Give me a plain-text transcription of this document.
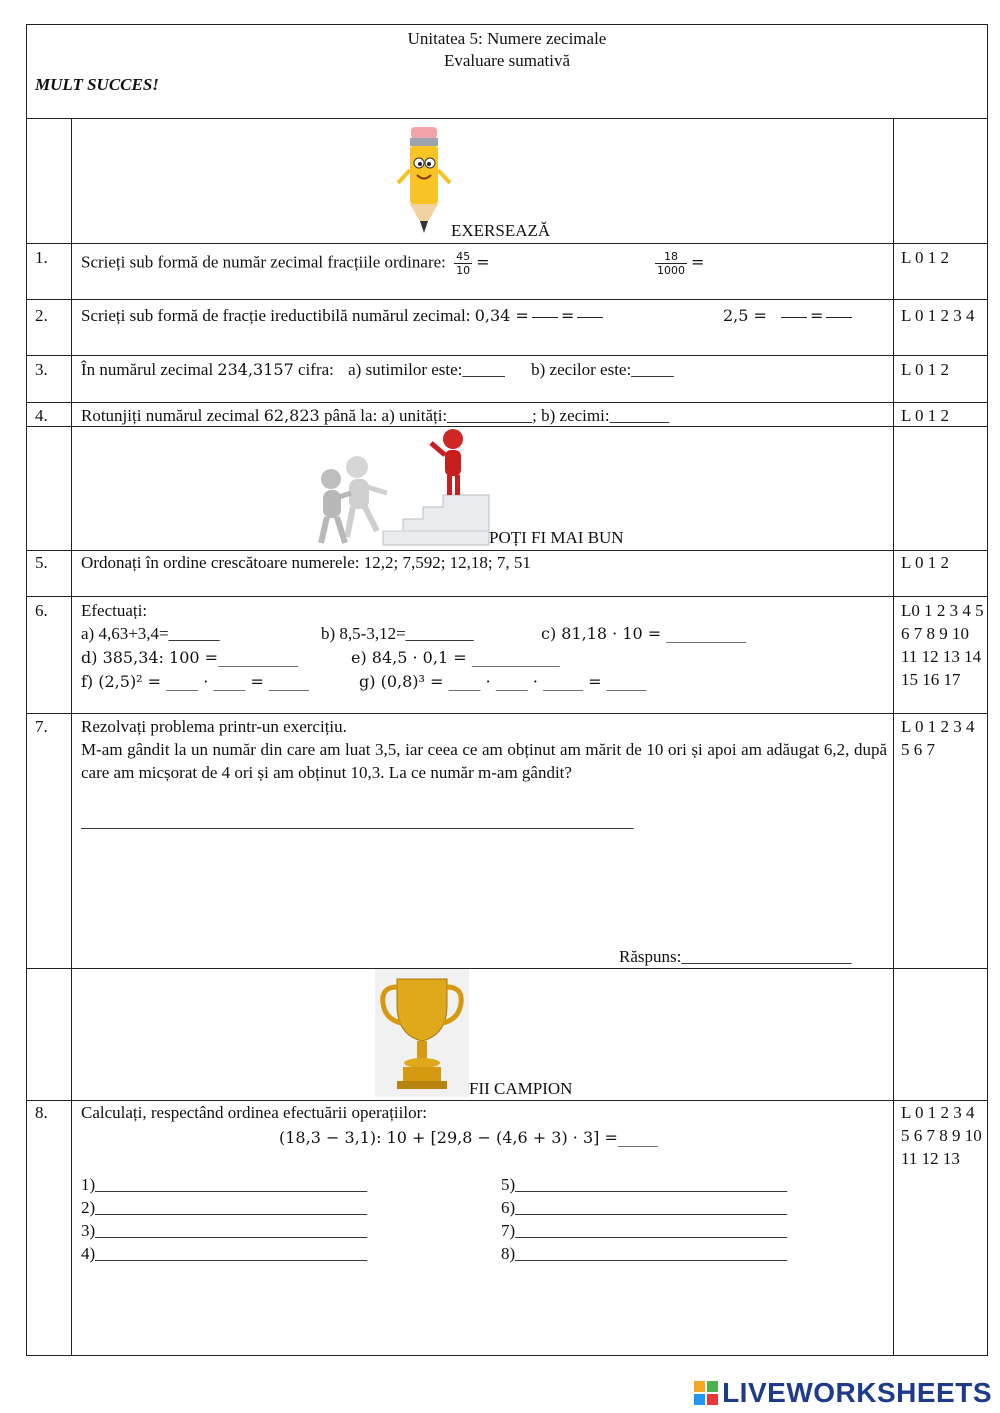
Unitatea 5: Numere zecimale
Evaluare sumativă
MULT SUCCES!
EXERSEAZĂ
1. Scrieți sub formă de număr zecimal fracțiile ordinare: $\frac{45}{10}$ =	$\frac{18}{1000}$ =	L 0 1 2
2. Scrieți sub formă de fracție ireductibilă numărul zecimal: 0,34 = =	2,5 =	=	L 0 1 2 3 4
3. În numărul zecimal 234,3157 cifra: a) sutimilor este:_____ b) zecilor este:_____	L 0 1 2
4. Rotunjiți numărul zecimal 62,823 până la: a) unități:__________; b) zecimi:_______	L 0 1 2
POȚI FI MAI BUN
5. Ordonați în ordine crescătoare numerele: 12,2; 7,592; 12,18; 7, 51	L 0 1 2
6. Efectuați:
a) 4,63+3,4=______	b) 8,5-3,12=________	c) 81,18 · 10 = __________
d) 385,34: 100 =__________	e) 84,5 · 0,1 = ___________
f) (2,5)² = ____ · ____ = _____	g) (0,8)³ = ____ · ____ · _____ = _____
L0 1 2 3 4 5 6 7 8 9 10 11 12 13 14 15 16 17
7. Rezolvați problema printr-un exercițiu.
M-am gândit la un număr din care am luat 3,5, iar ceea ce am obținut am mărit de 10 ori și apoi am adăugat 6,2, după care am micșorat de 4 ori și am obținut 10,3. La ce număr m-am gândit?
_________________________________________________________________
Răspuns:____________________
L 0 1 2 3 4 5 6 7
FII CAMPION
8. Calculați, respectând ordinea efectuării operațiilor:
(18,3 − 3,1): 10 + [29,8 − (4,6 + 3) · 3] =_____
1)________________________________
2)________________________________
3)________________________________
4)________________________________
5)________________________________
6)________________________________
7)________________________________
8)________________________________
L 0 1 2 3 4 5 6 7 8 9 10 11 12 13
LIVEWORKSHEETS
